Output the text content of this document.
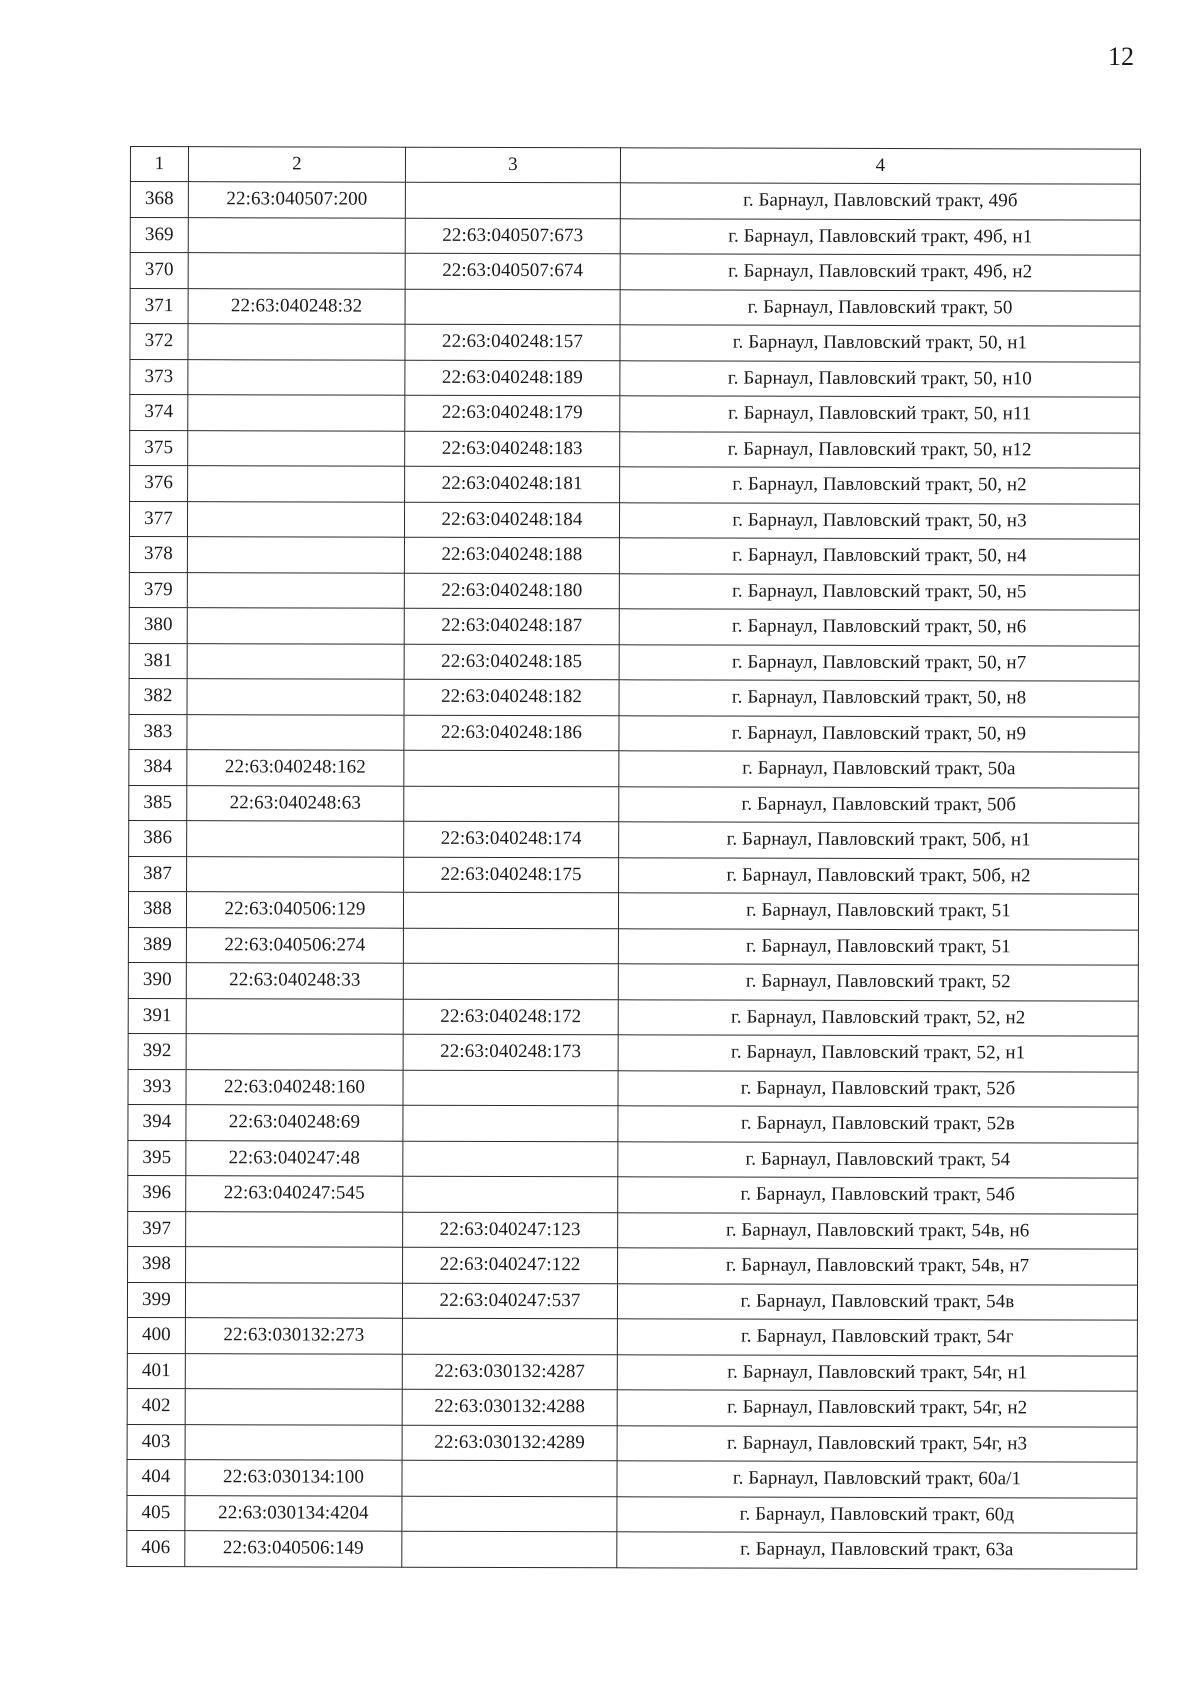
12
1	2	3	4
368	22:63:040507:200		г. Барнаул, Павловский тракт, 49б
369		22:63:040507:673	г. Барнаул, Павловский тракт, 49б, н1
370		22:63:040507:674	г. Барнаул, Павловский тракт, 49б, н2
371	22:63:040248:32		г. Барнаул, Павловский тракт, 50
372		22:63:040248:157	г. Барнаул, Павловский тракт, 50, н1
373		22:63:040248:189	г. Барнаул, Павловский тракт, 50, н10
374		22:63:040248:179	г. Барнаул, Павловский тракт, 50, н11
375		22:63:040248:183	г. Барнаул, Павловский тракт, 50, н12
376		22:63:040248:181	г. Барнаул, Павловский тракт, 50, н2
377		22:63:040248:184	г. Барнаул, Павловский тракт, 50, н3
378		22:63:040248:188	г. Барнаул, Павловский тракт, 50, н4
379		22:63:040248:180	г. Барнаул, Павловский тракт, 50, н5
380		22:63:040248:187	г. Барнаул, Павловский тракт, 50, н6
381		22:63:040248:185	г. Барнаул, Павловский тракт, 50, н7
382		22:63:040248:182	г. Барнаул, Павловский тракт, 50, н8
383		22:63:040248:186	г. Барнаул, Павловский тракт, 50, н9
384	22:63:040248:162		г. Барнаул, Павловский тракт, 50а
385	22:63:040248:63		г. Барнаул, Павловский тракт, 50б
386		22:63:040248:174	г. Барнаул, Павловский тракт, 50б, н1
387		22:63:040248:175	г. Барнаул, Павловский тракт, 50б, н2
388	22:63:040506:129		г. Барнаул, Павловский тракт, 51
389	22:63:040506:274		г. Барнаул, Павловский тракт, 51
390	22:63:040248:33		г. Барнаул, Павловский тракт, 52
391		22:63:040248:172	г. Барнаул, Павловский тракт, 52, н2
392		22:63:040248:173	г. Барнаул, Павловский тракт, 52, н1
393	22:63:040248:160		г. Барнаул, Павловский тракт, 52б
394	22:63:040248:69		г. Барнаул, Павловский тракт, 52в
395	22:63:040247:48		г. Барнаул, Павловский тракт, 54
396	22:63:040247:545		г. Барнаул, Павловский тракт, 54б
397		22:63:040247:123	г. Барнаул, Павловский тракт, 54в, н6
398		22:63:040247:122	г. Барнаул, Павловский тракт, 54в, н7
399		22:63:040247:537	г. Барнаул, Павловский тракт, 54в
400	22:63:030132:273		г. Барнаул, Павловский тракт, 54г
401		22:63:030132:4287	г. Барнаул, Павловский тракт, 54г, н1
402		22:63:030132:4288	г. Барнаул, Павловский тракт, 54г, н2
403		22:63:030132:4289	г. Барнаул, Павловский тракт, 54г, н3
404	22:63:030134:100		г. Барнаул, Павловский тракт, 60а/1
405	22:63:030134:4204		г. Барнаул, Павловский тракт, 60д
406	22:63:040506:149		г. Барнаул, Павловский тракт, 63а
